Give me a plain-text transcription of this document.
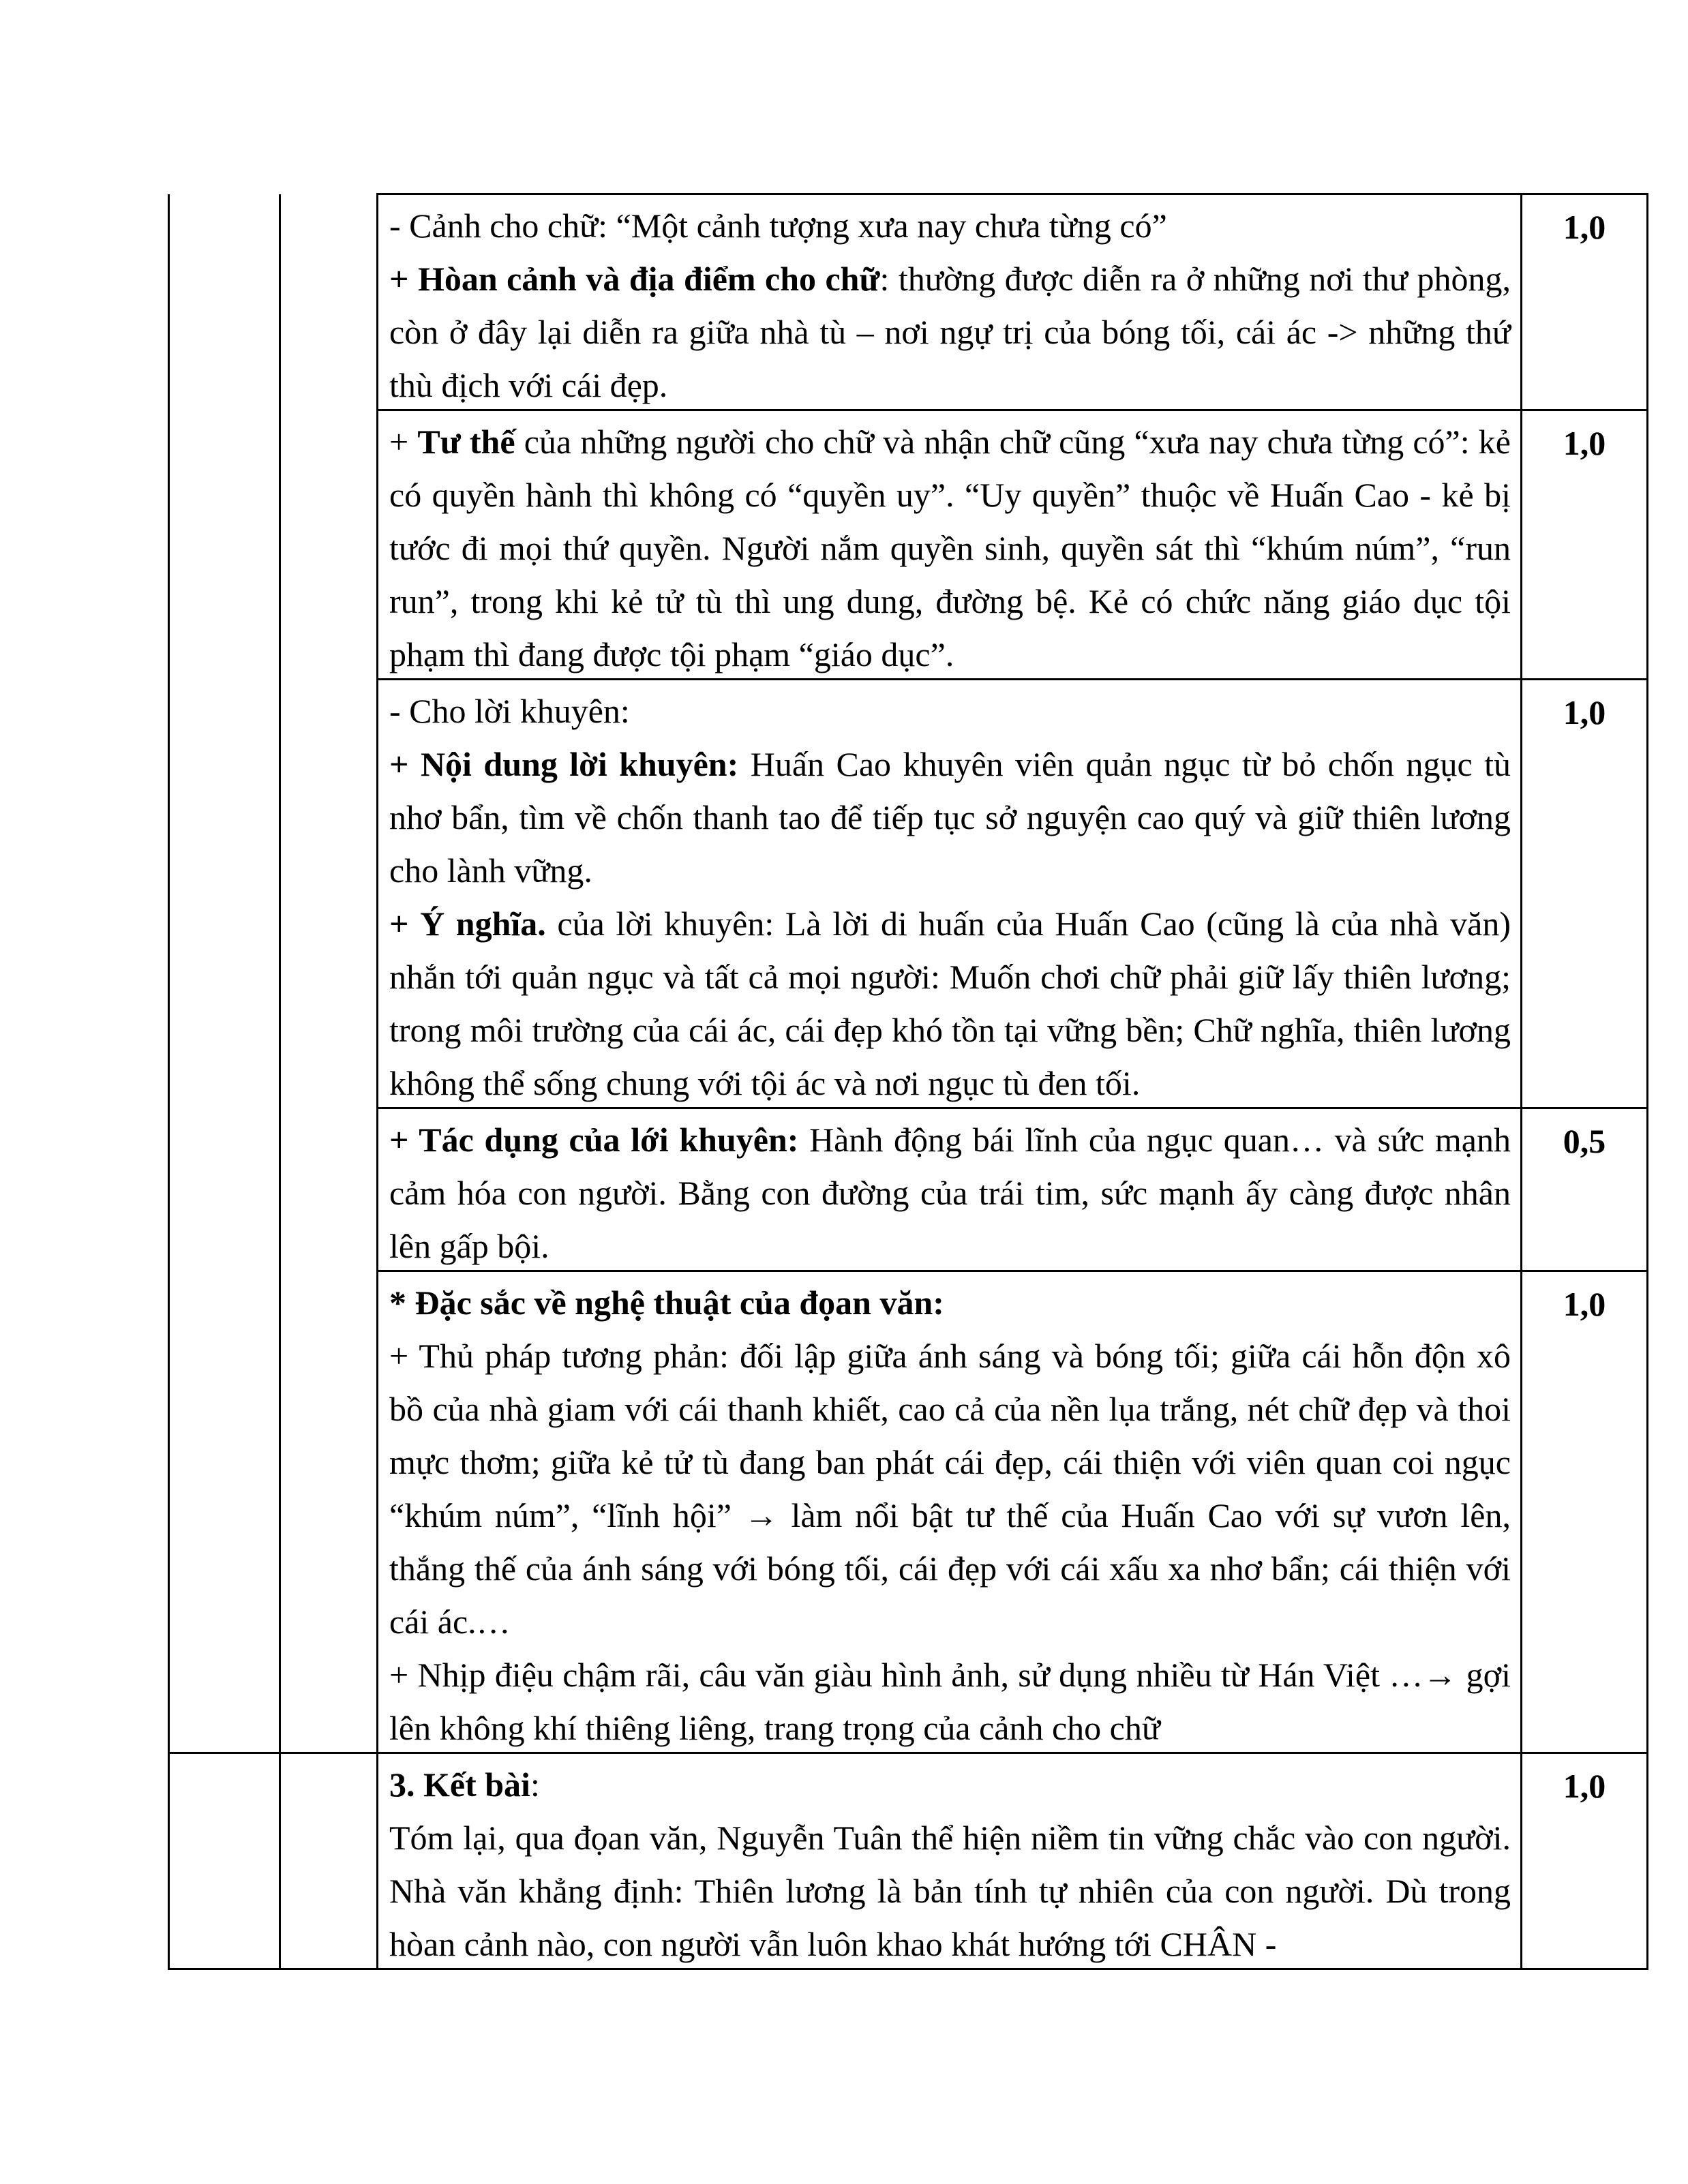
		- Cảnh cho chữ: “Một cảnh tượng xưa nay chưa từng có”
+ Hòan cảnh và địa điểm cho chữ: thường được diễn ra ở những nơi thư phòng, còn ở đây lại diễn ra giữa nhà tù – nơi ngự trị của bóng tối, cái ác -> những thứ thù địch với cái đẹp.	1,0

		+ Tư thế của những người cho chữ và nhận chữ cũng “xưa nay chưa từng có”: kẻ có quyền hành thì không có “quyền uy”. “Uy quyền” thuộc về Huấn Cao - kẻ bị tước đi mọi thứ quyền. Người nắm quyền sinh, quyền sát thì “khúm núm”, “run run”, trong khi kẻ tử tù thì ung dung, đường bệ. Kẻ có chức năng giáo dục tội phạm thì đang được tội phạm “giáo dục”.	1,0

		- Cho lời khuyên:
+ Nội dung lời khuyên: Huấn Cao khuyên viên quản ngục từ bỏ chốn ngục tù nhơ bẩn, tìm về chốn thanh tao để tiếp tục sở nguyện cao quý và giữ thiên lương cho lành vững.
+ Ý nghĩa. của lời khuyên: Là lời di huấn của Huấn Cao (cũng là của nhà văn) nhắn tới quản ngục và tất cả mọi người: Muốn chơi chữ phải giữ lấy thiên lương; trong môi trường của cái ác, cái đẹp khó tồn tại vững bền; Chữ nghĩa, thiên lương không thể sống chung với tội ác và nơi ngục tù đen tối.	1,0

		+ Tác dụng của lới khuyên: Hành động bái lĩnh của ngục quan… và sức mạnh cảm hóa con người. Bằng con đường của trái tim, sức mạnh ấy càng được nhân lên gấp bội.	0,5

		* Đặc sắc về nghệ thuật của đọan văn:
+ Thủ pháp tương phản: đối lập giữa ánh sáng và bóng tối; giữa cái hỗn độn xô bồ của nhà giam với cái thanh khiết, cao cả của nền lụa trắng, nét chữ đẹp và thoi mực thơm; giữa kẻ tử tù đang ban phát cái đẹp, cái thiện với viên quan coi ngục “khúm núm”, “lĩnh hội” → làm nổi bật tư thế của Huấn Cao với sự vươn lên, thắng thế của ánh sáng với bóng tối, cái đẹp với cái xấu xa nhơ bẩn; cái thiện với cái ác.…
+ Nhịp điệu chậm rãi, câu văn giàu hình ảnh, sử dụng nhiều từ Hán Việt …→ gợi lên không khí thiêng liêng, trang trọng của cảnh cho chữ	1,0

		3. Kết bài:
Tóm lại, qua đọan văn, Nguyễn Tuân thể hiện niềm tin vững chắc vào con người. Nhà văn khẳng định: Thiên lương là bản tính tự nhiên của con người. Dù trong hòan cảnh nào, con người vẫn luôn khao khát hướng tới CHÂN -	1,0
